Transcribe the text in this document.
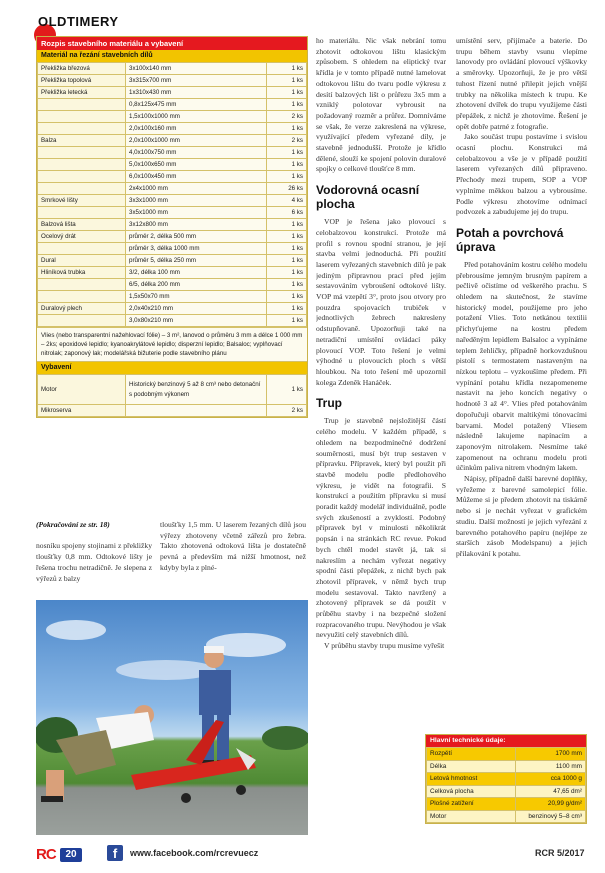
OLDTIMERY
Rozpis stavebního materiálu a vybavení
Materiál na řezání stavebních dílů
Překližka březová	3x100x140 mm	1 ks
Překližka topolová	3x315x700 mm	1 ks
Překližka letecká	1x310x430 mm	1 ks
	0,8x125x475 mm	1 ks
	1,5x100x1000 mm	2 ks
	2,0x100x160 mm	1 ks
Balza	2,0x100x1000 mm	2 ks
	4,0x100x750 mm	1 ks
	5,0x100x650 mm	1 ks
	6,0x100x450 mm	1 ks
	2x4x1000 mm	26 ks
Smrkové lišty	3x3x1000 mm	4 ks
	3x5x1000 mm	6 ks
Balzová lišta	3x12x800 mm	1 ks
Ocelový drát	průměr 2, délka 500 mm	1 ks
	průměr 3, délka 1000 mm	1 ks
Dural	průměr 5, délka 250 mm	1 ks
Hliníková trubka	3/2, délka 100 mm	1 ks
	6/5, délka 200 mm	1 ks
	1,5x50x70 mm	1 ks
Duralový plech	2,0x40x210 mm	1 ks
	3,0x80x210 mm	1 ks
Vlies (nebo transparentní nažehlovací fólie) – 3 m², lanovod o průměru 3 mm a délce 1 000 mm – 2ks; epoxidové lepidlo; kyanoakrylátové lepidlo; disperzní lepidlo; Balsaloc; vyplňovací nitrolak; zaponový lak; modelářská bižuterie podle stavebního plánu
Vybavení
Motor	Historický benzinový 5 až 8 cm³ nebo detonační s podobným výkonem	1 ks
Mikroserva		2 ks
(Pokračování ze str. 18)

nosníku spojeny stojinami z překližky tloušťky 0,8 mm. Odtokové lišty je řešena trochu netradičně. Je slepena z výřezů z balzy
tloušťky 1,5 mm. U laserem řezaných dílů jsou výřezy zhotoveny včetně zářezů pro žebra. Takto zhotovená odtoková lišta je dostatečně pevná a především má nižší hmotnost, než kdyby byla z plné-

ho materiálu. Nic však nebrání tomu zhotovit odtokovou lištu klasickým způsobem. S ohledem na eliptický tvar křídla je v tomto případě nutné lamelovat odtokovou lištu do tvaru podle výkresu z desítí balzových lišt o průřezu 3x5 mm a vzniklý polotovar vybrousit na požadovaný rozměr a průřez. Domníváme se však, že verze zakreslená na výkrese, využívající předem vyřezané díly, je stavebně jednodušší. Protože je křídlo dělené, slouží ke spojení polovin duralové spojky o celkové tloušťce 8 mm.

Vodorovná ocasní plocha

VOP je řešena jako plovoucí s celobalzovou konstrukcí. Protože má profil s rovnou spodní stranou, je její stavba velmi jednoduchá. Při použití laserem vyřezaných stavebních dílů je pak jediným připravnou prací před jejím sestavováním vybroušení odtokové lišty. VOP má vzepětí 3°, proto jsou otvory pro pouzdra spojovacích trubiček v jednotlivých žebrech nakresleny odstupňovaně. Upozorňuji také na netradiční umístění ovládací páky plovoucí VOP. Toto řešení je velmi výhodné u plovoucích ploch s větší hloubkou. Na toto řešení mě upozornil kolega Zdeněk Hanáček.

Trup

Trup je stavebně nejsložitější částí celého modelu. V každém případě, s ohledem na bezpodmínečné dodržení souměrnosti, musí být trup sestaven v přípravku. Přípravek, který byl použit při stavbě modelu podle předlohového výkresu, je vidět na fotografii. S konstrukcí a použitím přípravku si musí poradit každý modelář individuálně, podle svých zkušeností a zvyklostí. Podobný přípravek byl v minulosti několikrát popsán i na stránkách RC revue. Pokud bych chtěl model stavět já, tak si nakreslím a nechám vyřezat negativy spodní části přepážek, z nichž bych pak zhotovil přípravek, v němž bych trup modelu sestavoval. Takto navržený a zhotovený přípravek se dá použít v průběhu stavby i na bezpečné složení rozpracovaného trupu. Nevýhodou je však nevyužití celý stavebních dílů.

V průběhu stavby trupu musíme vyřešit

umístění serv, přijímače a baterie. Do trupu během stavby vsunu vlepíme lanovody pro ovládání plovoucí výškovky a směrovky. Upozorňuji, že je pro větší tuhost řízení nutné přilepit jejich vnější trubky na několika místech k trupu. Ke zhotovení dvířek do trupu využijeme části přepážek, z nichž je zhotovíme. Řešení je opět dobře patrné z fotografie.

Jako součást trupu postavíme i svislou ocasní plochu. Konstrukci má celobalzovou a vše je v případě použití laserem vyřezaných dílů připraveno. Přechody mezi trupem, SOP a VOP vyplníme měkkou balzou a vybrousíme. Podle výkresu zhotovíme odnímací podvozek a zabudujeme jej do trupu.

Potah a povrchová úprava

Před potahováním kostru celého modelu přebrousíme jemným brusným papírem a pečlivě očistíme od veškerého prachu. S ohledem na skutečnost, že stavíme historický model, použijeme pro jeho potažení Vlies. Toto netkánou textilii přichyťujeme na kostru předem naředěným lepidlem Balsaloc a vypínáme teplem žehličky, případně horkovzdušnou pistolí s termostatem nastaveným na nízkou teplotu – vyzkoušíme předem. Při vypínání potahu křídla nezapomeneme nastavit na jeho koncích negativy o hodnotě 3 až 4°. Vlies před potahováním dopořučuji obarvit maltikými tónovacími barvami. Model potažený Vliesem následně lakujeme napínacím a zaponovým nitrolakem. Nesmíme také zapomenout na ochranu modelu proti účinkům paliva nitrem vhodným lakem.

Nápisy, případně další barevné doplňky, vyřežeme z barevné samolepicí fólie. Můžeme si je předem zhotovit na tiskárně nebo si je nechát vyřezat v grafickém studiu. Další možností je jejich vyřezání z barevného potahového papíru (nejlépe ze starších zásob Modelspanu) a jejich přilakování k potahu.

Hlavní technické údaje:
Rozpětí	1700 mm
Délka	1100 mm
Letová hmotnost	cca 1000 g
Celková plocha	47,65 dm²
Plošné zatížení	20,99 g/dm²
Motor	benzinový 5–8 cm³
RC 20	f	www.facebook.com/rcrevuecz	RCR 5/2017
